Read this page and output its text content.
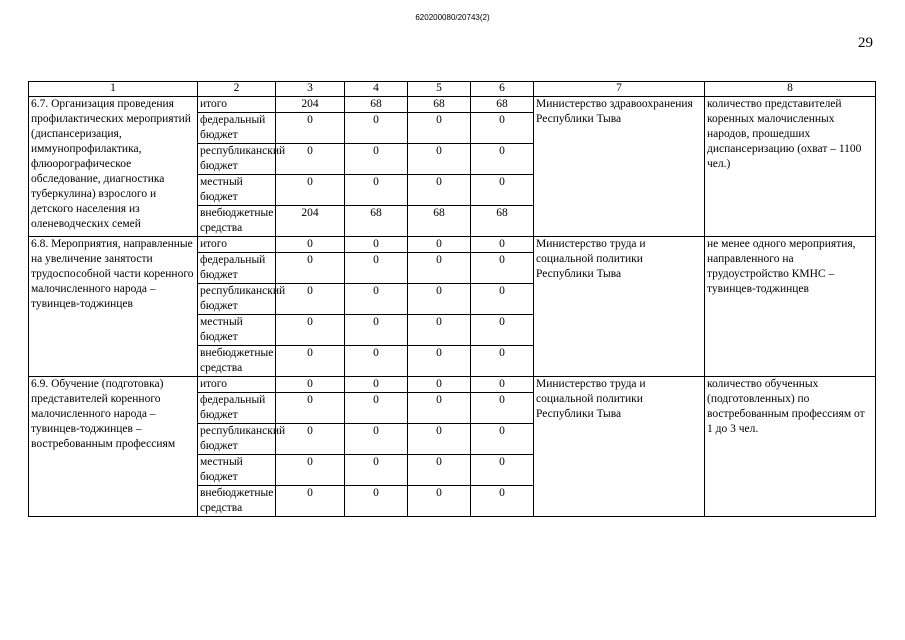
620200080/20743(2)
29
1	2	3	4	5	6	7	8
6.7. Организация проведения профилактических мероприятий (диспансеризация, иммунопрофилактика, флюорографическое обследование, диагностика туберкулина) взрослого и детского населения из оленеводческих семей	итого	204	68	68	68	Министерство здравоохранения Республики Тыва	количество представителей коренных малочисленных народов, прошедших диспансеризацию (охват – 1100 чел.)
	федеральный бюджет	0	0	0	0		
	республиканский бюджет	0	0	0	0		
	местный бюджет	0	0	0	0		
	внебюджетные средства	204	68	68	68		
6.8. Мероприятия, направленные на увеличение занятости трудоспособной части коренного малочисленного народа – тувинцев-тоджинцев	итого	0	0	0	0	Министерство труда и социальной политики Республики Тыва	не менее одного мероприятия, направленного на трудоустройство КМНС – тувинцев-тоджинцев
	федеральный бюджет	0	0	0	0		
	республиканский бюджет	0	0	0	0		
	местный бюджет	0	0	0	0		
	внебюджетные средства	0	0	0	0		
6.9. Обучение (подготовка) представителей коренного малочисленного народа – тувинцев-тоджинцев – востребованным профессиям	итого	0	0	0	0	Министерство труда и социальной политики Республики Тыва	количество обученных (подготовленных) по востребованным профессиям от 1 до 3 чел.
	федеральный бюджет	0	0	0	0		
	республиканский бюджет	0	0	0	0		
	местный бюджет	0	0	0	0		
	внебюджетные средства	0	0	0	0		
